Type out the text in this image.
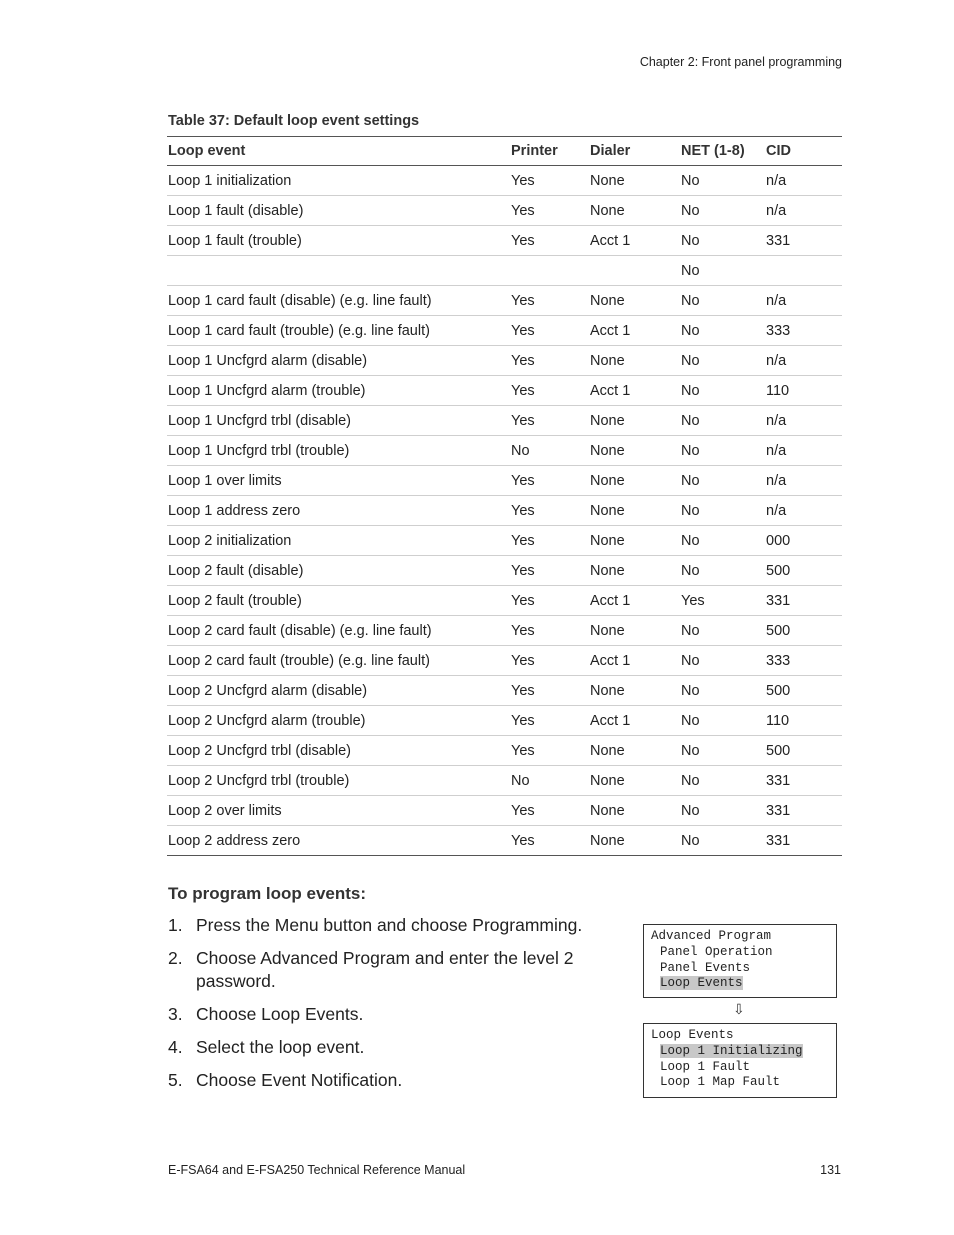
Chapter 2: Front panel programming
Table 37: Default loop event settings
Loop event	Printer	Dialer	NET (1-8)	CID
Loop 1 initialization	Yes	None	No	n/a
Loop 1 fault (disable)	Yes	None	No	n/a
Loop 1 fault (trouble)	Yes	Acct 1	No	331
			No	
Loop 1 card fault (disable) (e.g. line fault)	Yes	None	No	n/a
Loop 1 card fault (trouble) (e.g. line fault)	Yes	Acct 1	No	333
Loop 1 Uncfgrd alarm (disable)	Yes	None	No	n/a
Loop 1 Uncfgrd alarm (trouble)	Yes	Acct 1	No	110
Loop 1 Uncfgrd trbl (disable)	Yes	None	No	n/a
Loop 1 Uncfgrd trbl (trouble)	No	None	No	n/a
Loop 1 over limits	Yes	None	No	n/a
Loop 1 address zero	Yes	None	No	n/a
Loop 2 initialization	Yes	None	No	000
Loop 2 fault (disable)	Yes	None	No	500
Loop 2 fault (trouble)	Yes	Acct 1	Yes	331
Loop 2 card fault (disable) (e.g. line fault)	Yes	None	No	500
Loop 2 card fault (trouble) (e.g. line fault)	Yes	Acct 1	No	333
Loop 2 Uncfgrd alarm (disable)	Yes	None	No	500
Loop 2 Uncfgrd alarm (trouble)	Yes	Acct 1	No	110
Loop 2 Uncfgrd trbl (disable)	Yes	None	No	500
Loop 2 Uncfgrd trbl (trouble)	No	None	No	331
Loop 2 over limits	Yes	None	No	331
Loop 2 address zero	Yes	None	No	331
To program loop events:
1. Press the Menu button and choose Programming.
2. Choose Advanced Program and enter the level 2 password.
3. Choose Loop Events.
4. Select the loop event.
5. Choose Event Notification.
Advanced Program
Panel Operation
Panel Events
Loop Events
⇩
Loop Events
Loop 1 Initializing
Loop 1 Fault
Loop 1 Map Fault
E-FSA64 and E-FSA250 Technical Reference Manual	131
